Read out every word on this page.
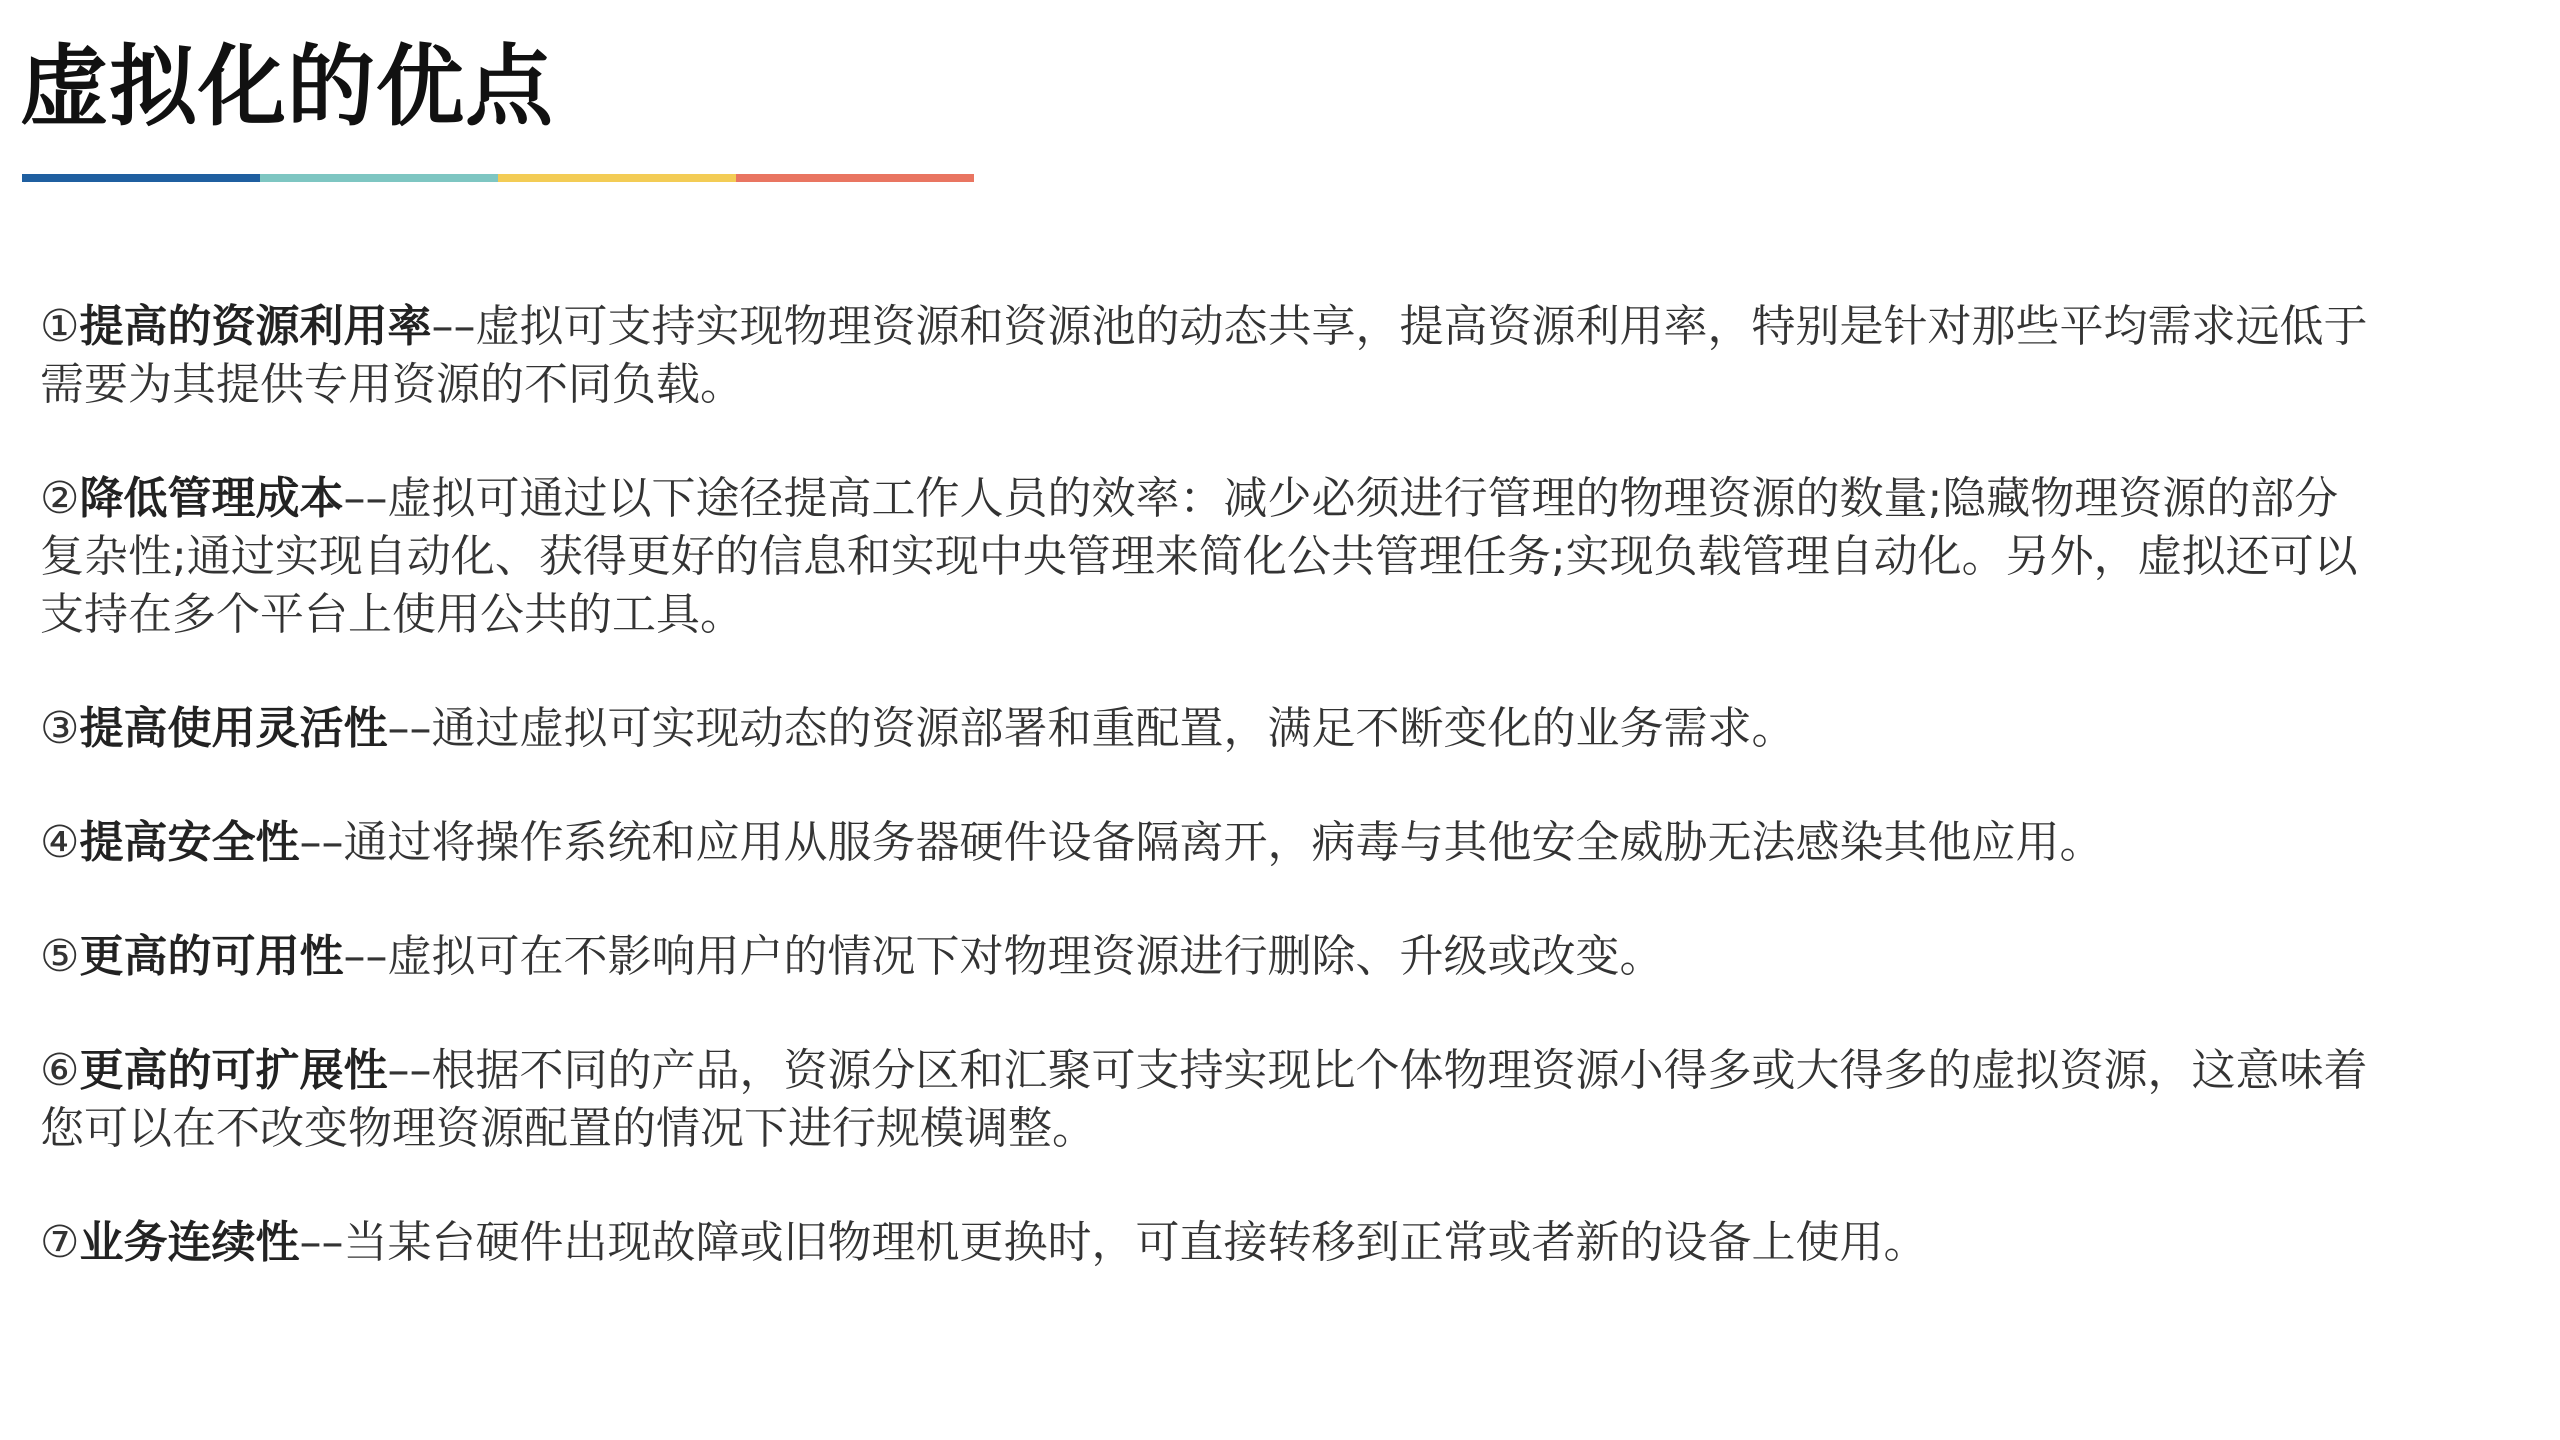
虚拟化的优点

①提高的资源利用率––虚拟可支持实现物理资源和资源池的动态共享，提高资源利用率，特别是针对那些平均需求远低于需要为其提供专用资源的不同负载。

②降低管理成本––虚拟可通过以下途径提高工作人员的效率：减少必须进行管理的物理资源的数量;隐藏物理资源的部分复杂性;通过实现自动化、获得更好的信息和实现中央管理来简化公共管理任务;实现负载管理自动化。另外，虚拟还可以支持在多个平台上使用公共的工具。

③提高使用灵活性––通过虚拟可实现动态的资源部署和重配置，满足不断变化的业务需求。

④提高安全性––通过将操作系统和应用从服务器硬件设备隔离开，病毒与其他安全威胁无法感染其他应用。

⑤更高的可用性––虚拟可在不影响用户的情况下对物理资源进行删除、升级或改变。

⑥更高的可扩展性––根据不同的产品，资源分区和汇聚可支持实现比个体物理资源小得多或大得多的虚拟资源，这意味着您可以在不改变物理资源配置的情况下进行规模调整。

⑦业务连续性––当某台硬件出现故障或旧物理机更换时，可直接转移到正常或者新的设备上使用。
